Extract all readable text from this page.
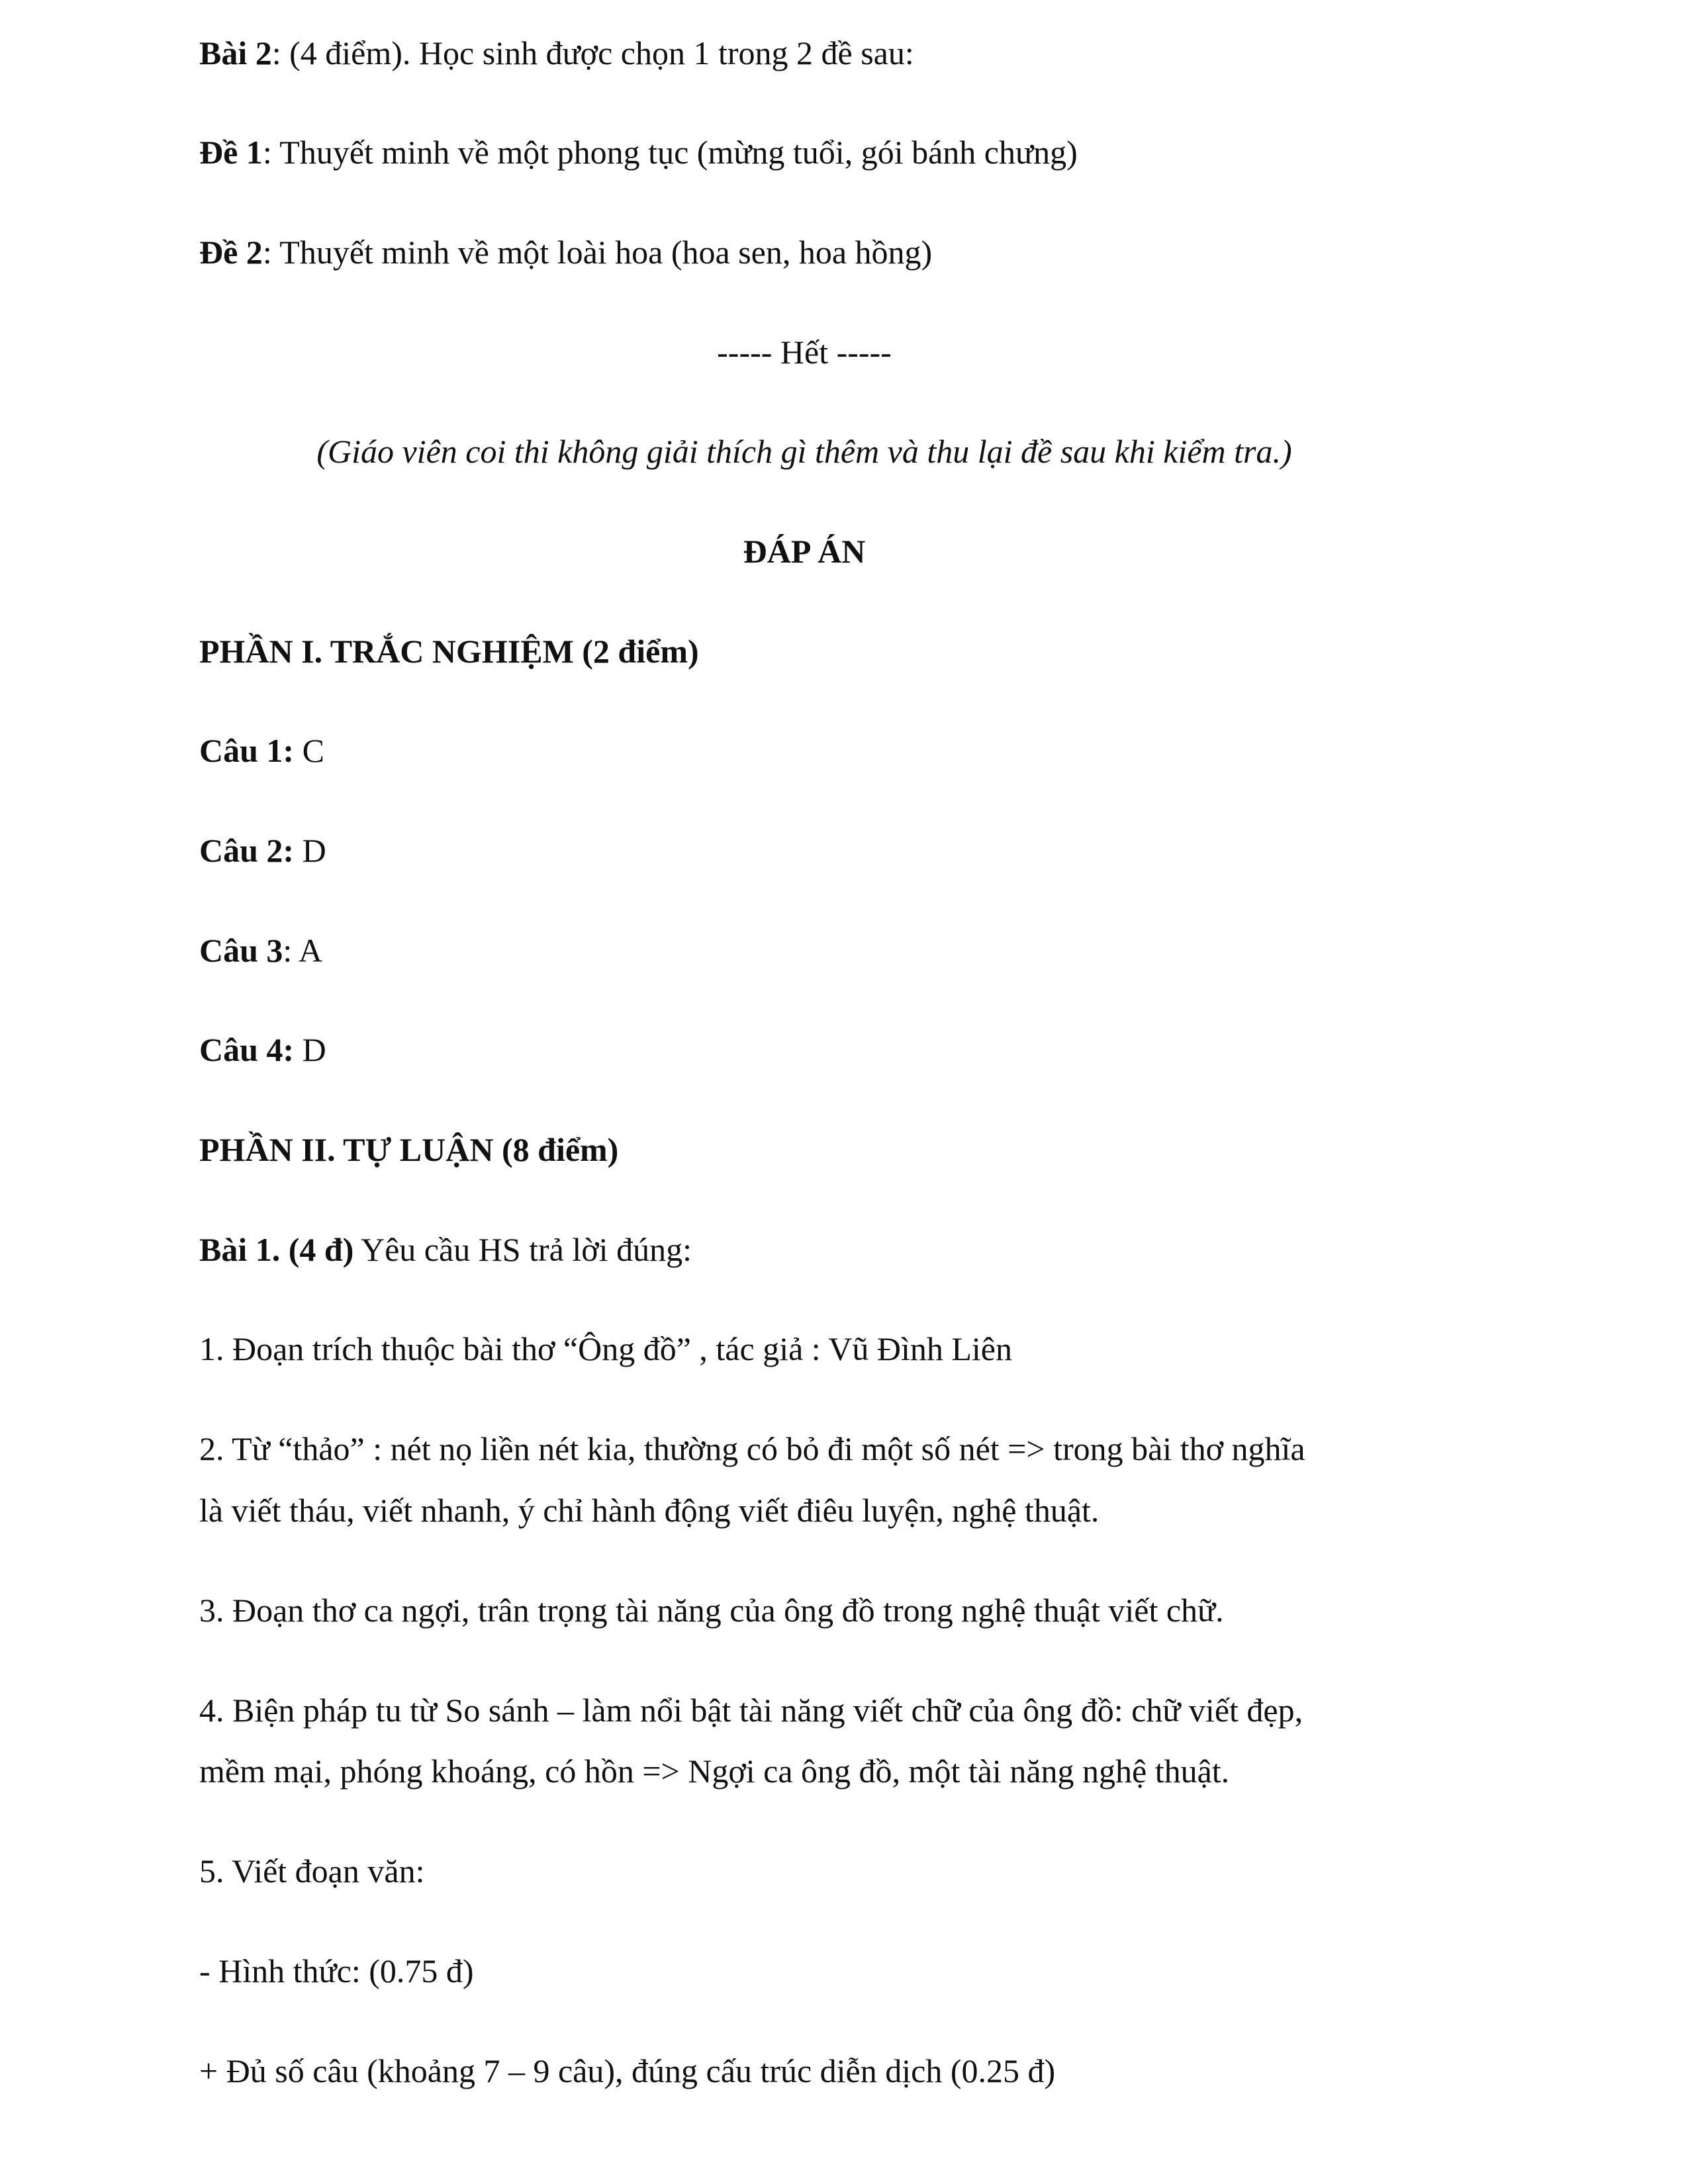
Bài 2: (4 điểm). Học sinh được chọn 1 trong 2 đề sau:
Đề 1: Thuyết minh về một phong tục (mừng tuổi, gói bánh chưng)
Đề 2: Thuyết minh về một loài hoa (hoa sen, hoa hồng)
----- Hết -----
(Giáo viên coi thi không giải thích gì thêm và thu lại đề sau khi kiểm tra.)
ĐÁP ÁN
PHẦN I. TRẮC NGHIỆM (2 điểm)
Câu 1: C
Câu 2: D
Câu 3: A
Câu 4: D
PHẦN II. TỰ LUẬN (8 điểm)
Bài 1. (4 đ) Yêu cầu HS trả lời đúng:
1. Đoạn trích thuộc bài thơ “Ông đồ” , tác giả : Vũ Đình Liên
2. Từ “thảo” : nét nọ liền nét kia, thường có bỏ đi một số nét => trong bài thơ nghĩa
là viết tháu, viết nhanh, ý chỉ hành động viết điêu luyện, nghệ thuật.
3. Đoạn thơ ca ngợi, trân trọng tài năng của ông đồ trong nghệ thuật viết chữ.
4. Biện pháp tu từ So sánh – làm nổi bật tài năng viết chữ của ông đồ: chữ viết đẹp,
mềm mại, phóng khoáng, có hồn => Ngợi ca ông đồ, một tài năng nghệ thuật.
5. Viết đoạn văn:
- Hình thức: (0.75 đ)
+ Đủ số câu (khoảng 7 – 9 câu), đúng cấu trúc diễn dịch (0.25 đ)
